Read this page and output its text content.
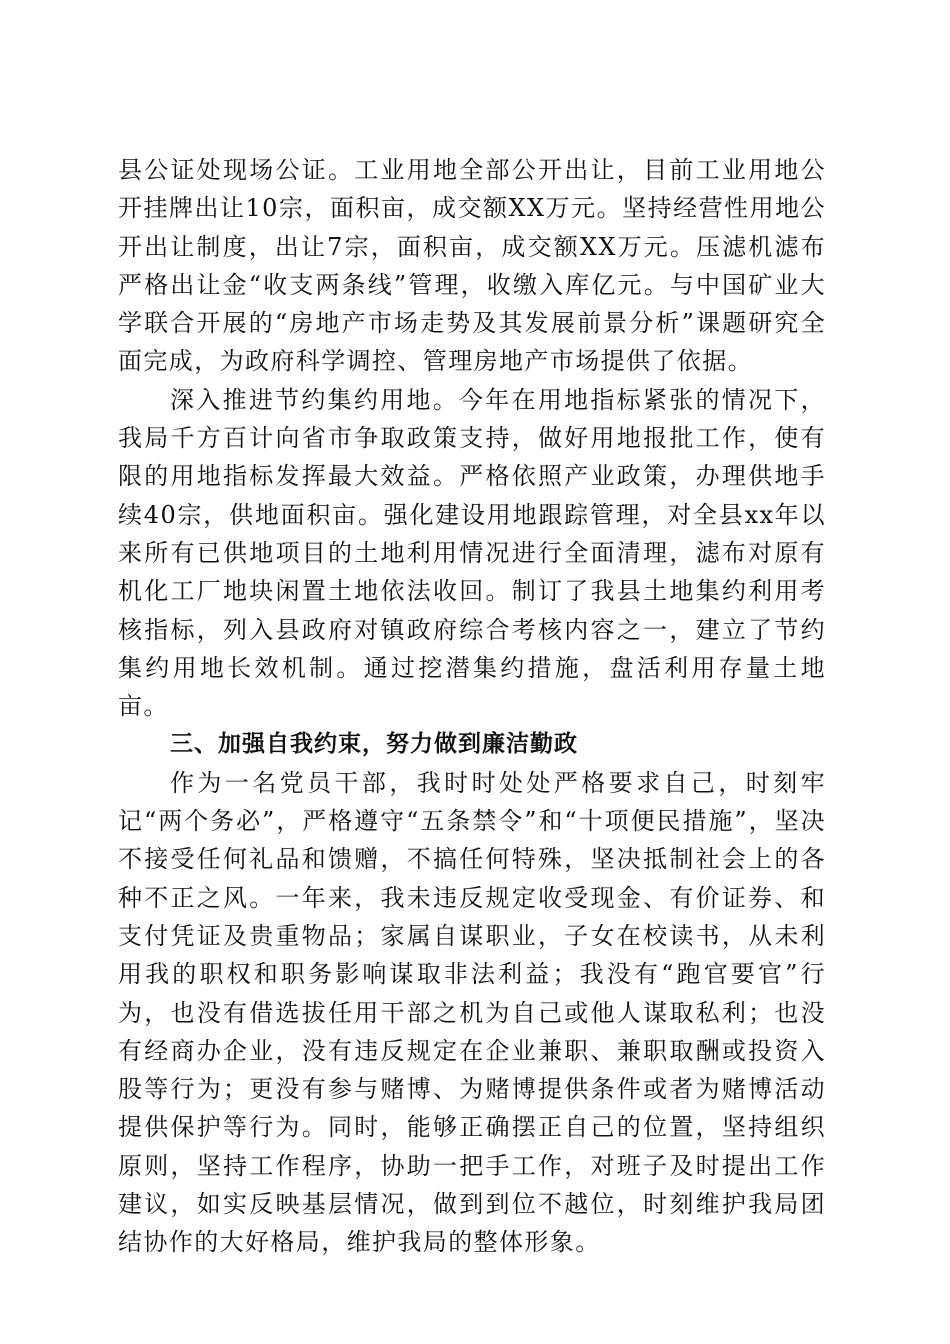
县公证处现场公证。工业用地全部公开出让，目前工业用地公开挂牌出让10宗，面积亩，成交额XX万元。坚持经营性用地公开出让制度，出让7宗，面积亩，成交额XX万元。压滤机滤布严格出让金“收支两条线”管理，收缴入库亿元。与中国矿业大学联合开展的“房地产市场走势及其发展前景分析”课题研究全面完成，为政府科学调控、管理房地产市场提供了依据。

深入推进节约集约用地。今年在用地指标紧张的情况下，我局千方百计向省市争取政策支持，做好用地报批工作，使有限的用地指标发挥最大效益。严格依照产业政策，办理供地手续40宗，供地面积亩。强化建设用地跟踪管理，对全县xx年以来所有已供地项目的土地利用情况进行全面清理，滤布对原有机化工厂地块闲置土地依法收回。制订了我县土地集约利用考核指标，列入县政府对镇政府综合考核内容之一，建立了节约集约用地长效机制。通过挖潜集约措施，盘活利用存量土地亩。

三、加强自我约束，努力做到廉洁勤政

作为一名党员干部，我时时处处严格要求自己，时刻牢记“两个务必”，严格遵守“五条禁令”和“十项便民措施”，坚决不接受任何礼品和馈赠，不搞任何特殊，坚决抵制社会上的各种不正之风。一年来，我未违反规定收受现金、有价证券、和支付凭证及贵重物品；家属自谋职业，子女在校读书，从未利用我的职权和职务影响谋取非法利益；我没有“跑官要官”行为，也没有借选拔任用干部之机为自己或他人谋取私利；也没有经商办企业，没有违反规定在企业兼职、兼职取酬或投资入股等行为；更没有参与赌博、为赌博提供条件或者为赌博活动提供保护等行为。同时，能够正确摆正自己的位置，坚持组织原则，坚持工作程序，协助一把手工作，对班子及时提出工作建议，如实反映基层情况，做到到位不越位，时刻维护我局团结协作的大好格局，维护我局的整体形象。
